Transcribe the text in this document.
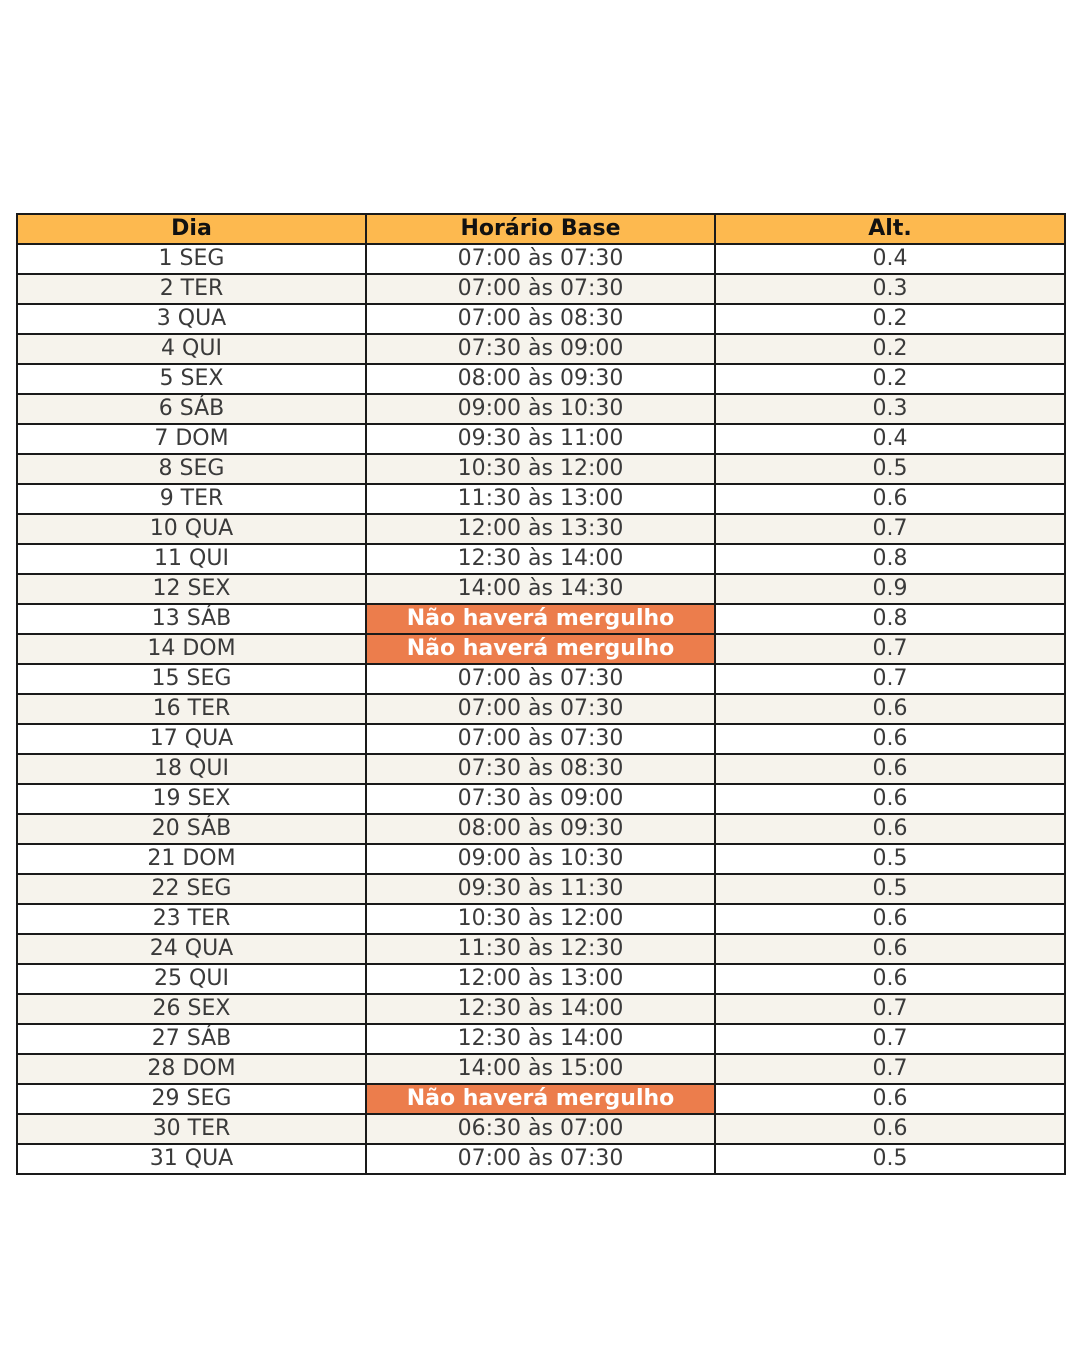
Dia	Horário Base	Alt.
1 SEG	07:00 às 07:30	0.4
2 TER	07:00 às 07:30	0.3
3 QUA	07:00 às 08:30	0.2
4 QUI	07:30 às 09:00	0.2
5 SEX	08:00 às 09:30	0.2
6 SÁB	09:00 às 10:30	0.3
7 DOM	09:30 às 11:00	0.4
8 SEG	10:30 às 12:00	0.5
9 TER	11:30 às 13:00	0.6
10 QUA	12:00 às 13:30	0.7
11 QUI	12:30 às 14:00	0.8
12 SEX	14:00 às 14:30	0.9
13 SÁB	Não haverá mergulho	0.8
14 DOM	Não haverá mergulho	0.7
15 SEG	07:00 às 07:30	0.7
16 TER	07:00 às 07:30	0.6
17 QUA	07:00 às 07:30	0.6
18 QUI	07:30 às 08:30	0.6
19 SEX	07:30 às 09:00	0.6
20 SÁB	08:00 às 09:30	0.6
21 DOM	09:00 às 10:30	0.5
22 SEG	09:30 às 11:30	0.5
23 TER	10:30 às 12:00	0.6
24 QUA	11:30 às 12:30	0.6
25 QUI	12:00 às 13:00	0.6
26 SEX	12:30 às 14:00	0.7
27 SÁB	12:30 às 14:00	0.7
28 DOM	14:00 às 15:00	0.7
29 SEG	Não haverá mergulho	0.6
30 TER	06:30 às 07:00	0.6
31 QUA	07:00 às 07:30	0.5
